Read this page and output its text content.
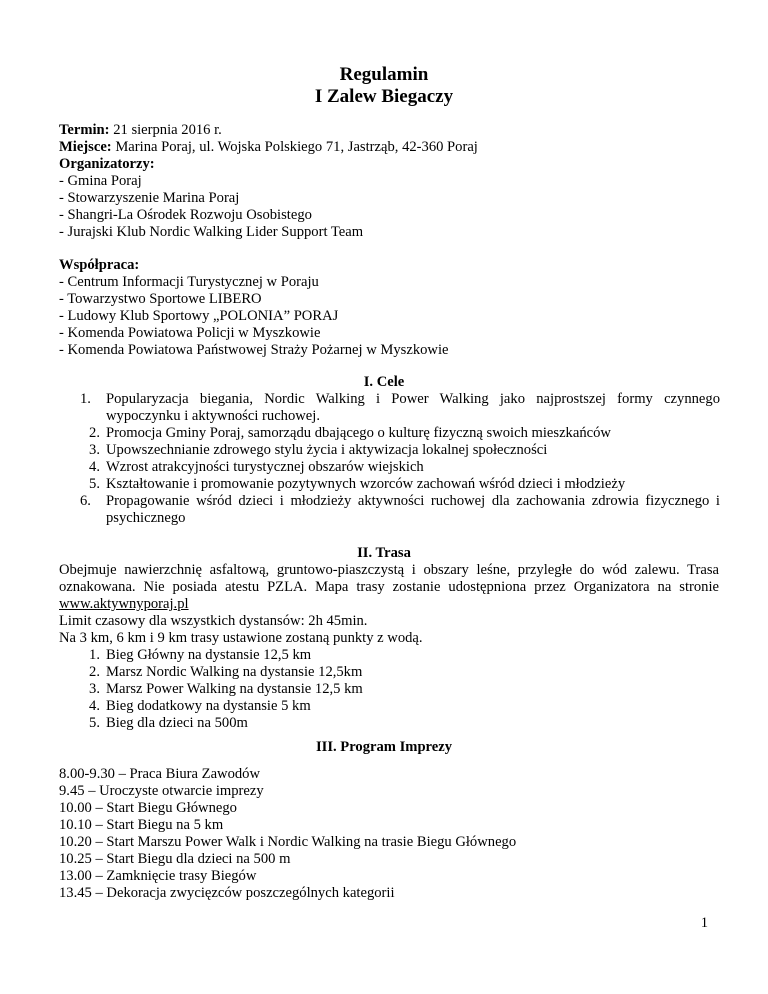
Regulamin
I Zalew Biegaczy
Termin: 21 sierpnia 2016 r.
Miejsce: Marina Poraj, ul. Wojska Polskiego 71, Jastrząb, 42-360 Poraj
Organizatorzy:
- Gmina Poraj
- Stowarzyszenie Marina Poraj
- Shangri-La Ośrodek Rozwoju Osobistego
- Jurajski Klub Nordic Walking Lider Support Team
Współpraca:
- Centrum Informacji Turystycznej w Poraju
- Towarzystwo Sportowe LIBERO
- Ludowy Klub Sportowy „POLONIA” PORAJ
- Komenda Powiatowa Policji w Myszkowie
- Komenda Powiatowa Państwowej Straży Pożarnej w Myszkowie
I. Cele
1.	Popularyzacja biegania, Nordic Walking i Power Walking jako najprostszej formy czynnego wypoczynku i aktywności ruchowej.
2. Promocja Gminy Poraj, samorządu dbającego o kulturę fizyczną swoich mieszkańców
3. Upowszechnianie zdrowego stylu życia i aktywizacja lokalnej społeczności
4. Wzrost atrakcyjności turystycznej obszarów wiejskich
5. Kształtowanie i promowanie pozytywnych wzorców zachowań wśród dzieci i młodzieży
6.	Propagowanie wśród dzieci i młodzieży aktywności ruchowej dla zachowania zdrowia fizycznego i psychicznego
II. Trasa
Obejmuje nawierzchnię asfaltową, gruntowo-piaszczystą i obszary leśne, przyległe do wód zalewu. Trasa oznakowana. Nie posiada atestu PZLA. Mapa trasy zostanie udostępniona przez Organizatora na stronie www.aktywnyporaj.pl
Limit czasowy dla wszystkich dystansów: 2h 45min.
Na 3 km, 6 km i 9 km trasy ustawione zostaną punkty z wodą.
1. Bieg Główny na dystansie 12,5 km
2. Marsz Nordic Walking na dystansie 12,5km
3. Marsz Power Walking na dystansie 12,5 km
4. Bieg dodatkowy na dystansie 5 km
5. Bieg dla dzieci na 500m
III. Program Imprezy
8.00-9.30 – Praca Biura Zawodów
9.45 – Uroczyste otwarcie imprezy
10.00 – Start Biegu Głównego
10.10 – Start Biegu na 5 km
10.20 – Start Marszu Power Walk i Nordic Walking na trasie Biegu Głównego
10.25 – Start Biegu dla dzieci na 500 m
13.00 – Zamknięcie trasy Biegów
13.45 – Dekoracja zwycięzców poszczególnych kategorii
1
